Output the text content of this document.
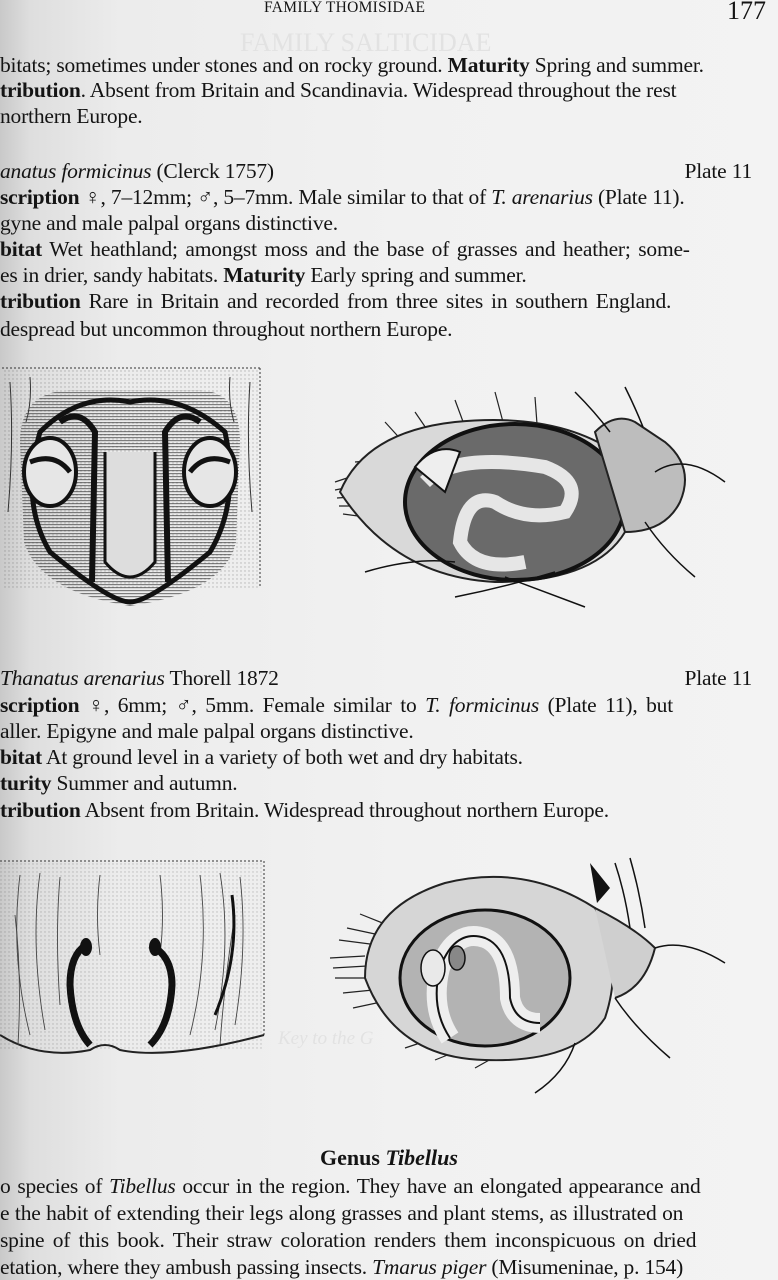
FAMILY SALTICIDAE
Key to the G
FAMILY THOMISIDAE	177
bitats; sometimes under stones and on rocky ground. Maturity Spring and summer.
tribution. Absent from Britain and Scandinavia. Widespread throughout the rest
northern Europe.
anatus formicinus (Clerck 1757)	Plate 11
scription ♀, 7–12mm; ♂, 5–7mm. Male similar to that of T. arenarius (Plate 11).
gyne and male palpal organs distinctive.
bitat Wet heathland; amongst moss and the base of grasses and heather; some-
es in drier, sandy habitats. Maturity Early spring and summer.
tribution Rare in Britain and recorded from three sites in southern England.
despread but uncommon throughout northern Europe.
Thanatus arenarius Thorell 1872	Plate 11
scription ♀, 6mm; ♂, 5mm. Female similar to T. formicinus (Plate 11), but
aller. Epigyne and male palpal organs distinctive.
bitat At ground level in a variety of both wet and dry habitats.
turity Summer and autumn.
tribution Absent from Britain. Widespread throughout northern Europe.
Genus Tibellus
o species of Tibellus occur in the region. They have an elongated appearance and
e the habit of extending their legs along grasses and plant stems, as illustrated on
spine of this book. Their straw coloration renders them inconspicuous on dried
etation, where they ambush passing insects. Tmarus piger (Misumeninae, p. 154)
